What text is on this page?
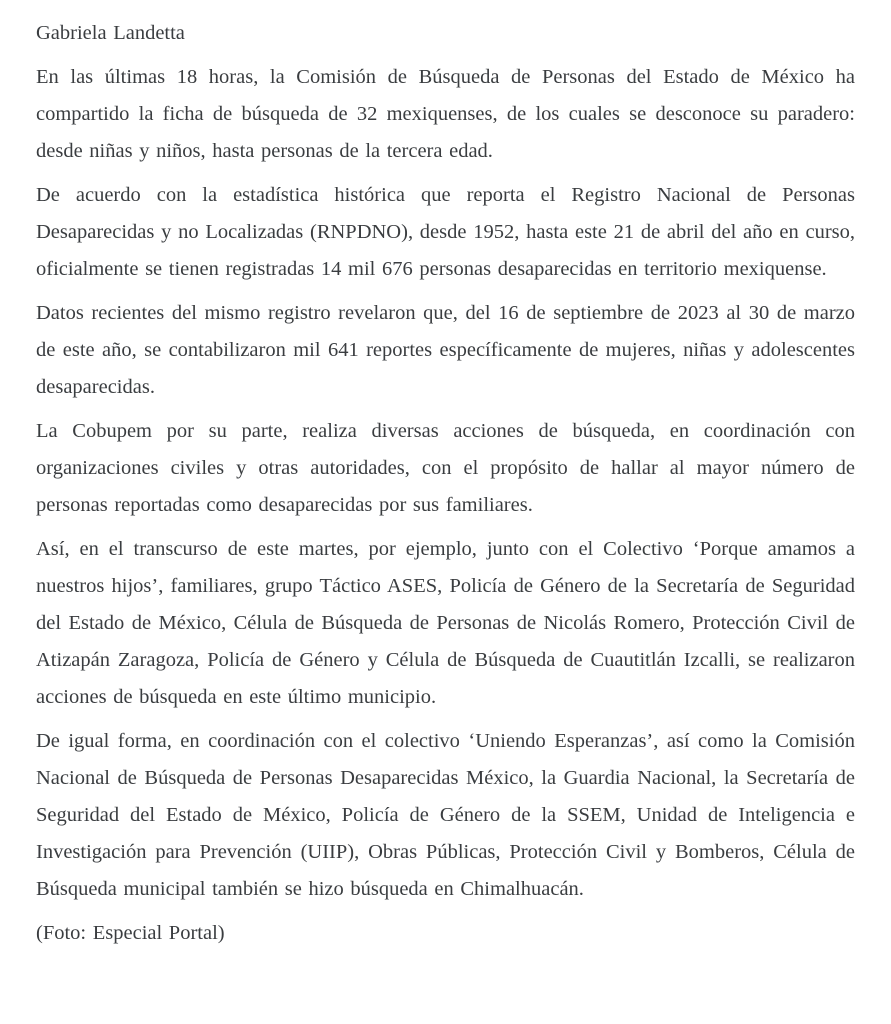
Gabriela Landetta

En las últimas 18 horas, la Comisión de Búsqueda de Personas del Estado de México ha compartido la ficha de búsqueda de 32 mexiquenses, de los cuales se desconoce su paradero: desde niñas y niños, hasta personas de la tercera edad.

De acuerdo con la estadística histórica que reporta el Registro Nacional de Personas Desaparecidas y no Localizadas (RNPDNO), desde 1952, hasta este 21 de abril del año en curso, oficialmente se tienen registradas 14 mil 676 personas desaparecidas en territorio mexiquense.

Datos recientes del mismo registro revelaron que, del 16 de septiembre de 2023 al 30 de marzo de este año, se contabilizaron mil 641 reportes específicamente de mujeres, niñas y adolescentes desaparecidas.

La Cobupem por su parte, realiza diversas acciones de búsqueda, en coordinación con organizaciones civiles y otras autoridades, con el propósito de hallar al mayor número de personas reportadas como desaparecidas por sus familiares.

Así, en el transcurso de este martes, por ejemplo, junto con el Colectivo ‘Porque amamos a nuestros hijos’, familiares, grupo Táctico ASES, Policía de Género de la Secretaría de Seguridad del Estado de México, Célula de Búsqueda de Personas de Nicolás Romero, Protección Civil de Atizapán Zaragoza, Policía de Género y Célula de Búsqueda de Cuautitlán Izcalli, se realizaron acciones de búsqueda en este último municipio.

De igual forma, en coordinación con el colectivo ‘Uniendo Esperanzas’, así como la Comisión Nacional de Búsqueda de Personas Desaparecidas México, la Guardia Nacional, la Secretaría de Seguridad del Estado de México, Policía de Género de la SSEM, Unidad de Inteligencia e Investigación para Prevención (UIIP), Obras Públicas, Protección Civil y Bomberos, Célula de Búsqueda municipal también se hizo búsqueda en Chimalhuacán.

(Foto: Especial Portal)
